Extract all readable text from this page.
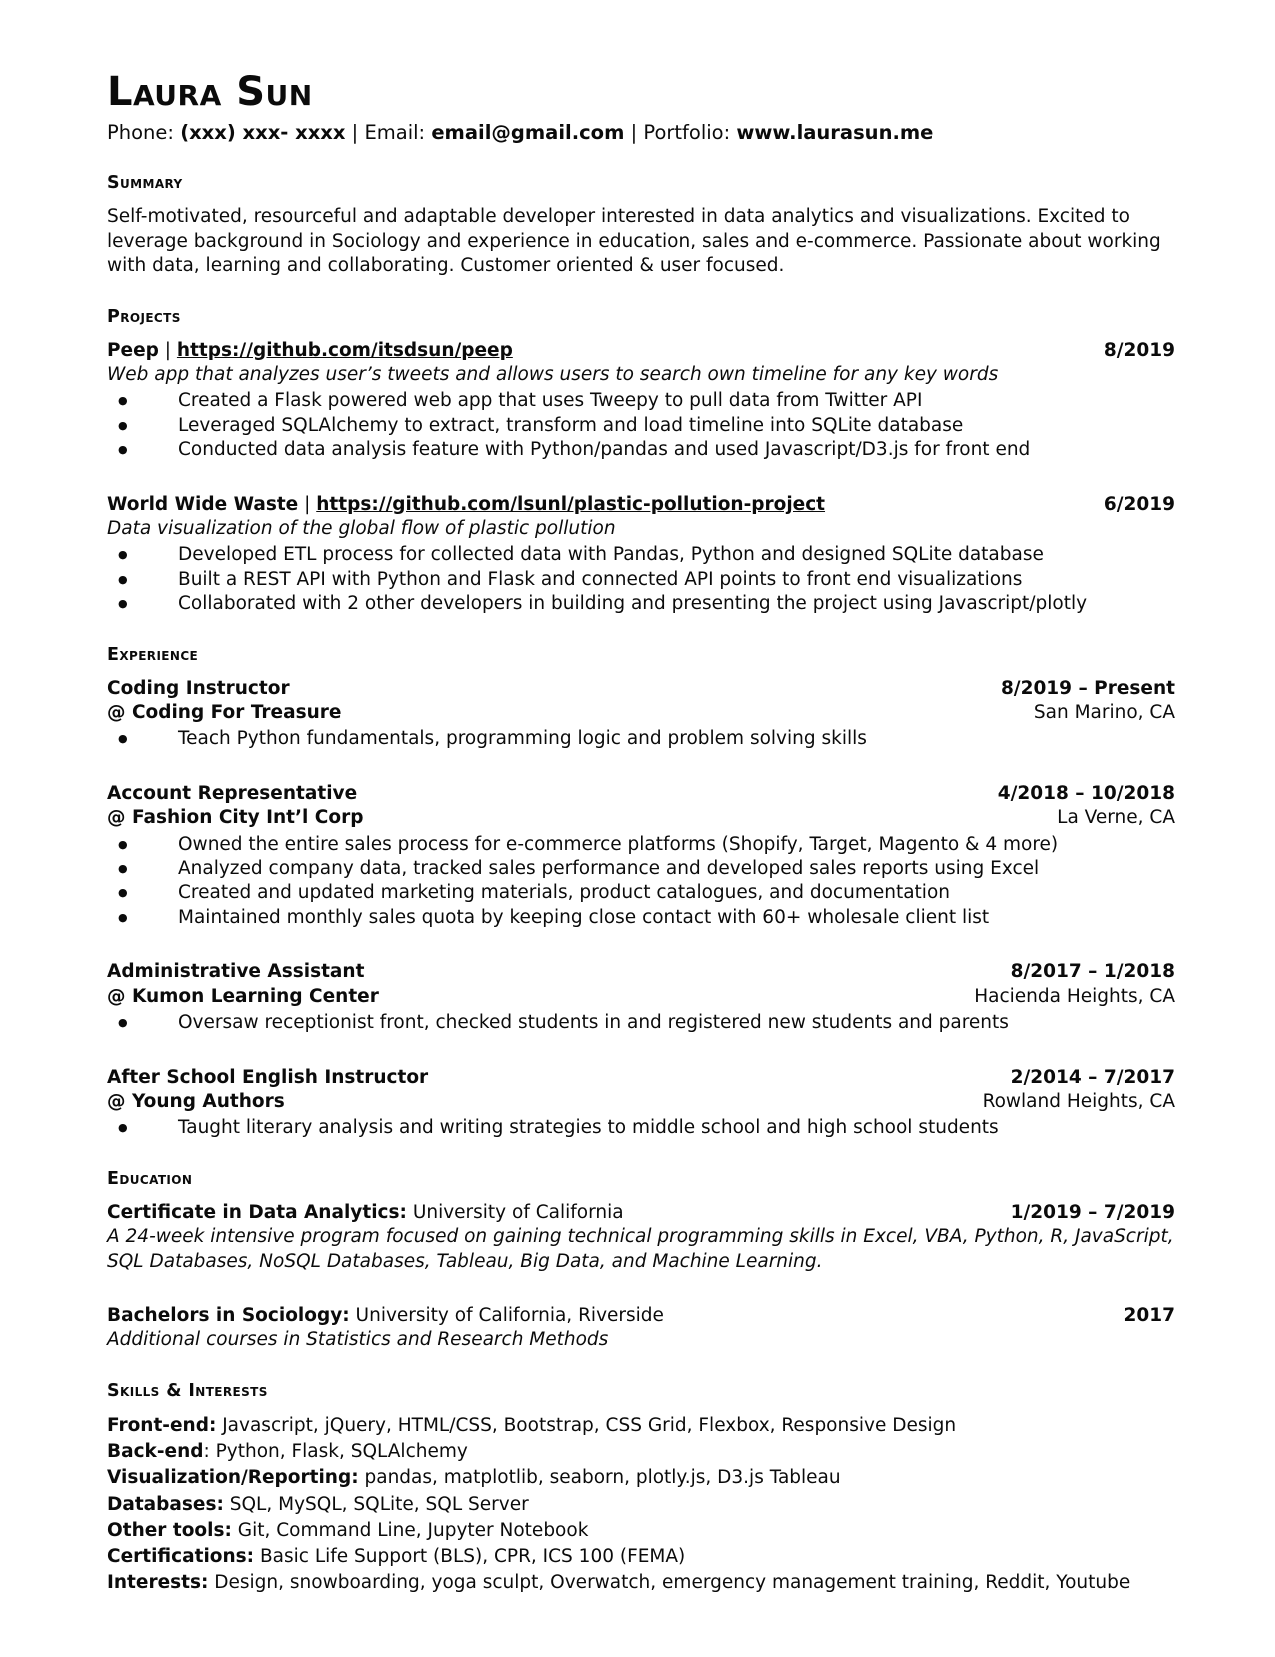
Laura Sun

Phone: (xxx) xxx- xxxx | Email: email@gmail.com | Portfolio: www.laurasun.me

Summary

Self-motivated, resourceful and adaptable developer interested in data analytics and visualizations. Excited to leverage background in Sociology and experience in education, sales and e-commerce. Passionate about working with data, learning and collaborating. Customer oriented & user focused.

Projects
Peep | https://github.com/itsdsun/peep	8/2019

Web app that analyzes user’s tweets and allows users to search own timeline for any key words

● Created a Flask powered web app that uses Tweepy to pull data from Twitter API
● Leveraged SQLAlchemy to extract, transform and load timeline into SQLite database
● Conducted data analysis feature with Python/pandas and used Javascript/D3.js for front end
World Wide Waste | https://github.com/lsunl/plastic-pollution-project	6/2019

Data visualization of the global flow of plastic pollution

● Developed ETL process for collected data with Pandas, Python and designed SQLite database
● Built a REST API with Python and Flask and connected API points to front end visualizations
● Collaborated with 2 other developers in building and presenting the project using Javascript/plotly
Experience
Coding Instructor	8/2019 – Present
@ Coding For Treasure	San Marino, CA
● Teach Python fundamentals, programming logic and problem solving skills
Account Representative	4/2018 – 10/2018
@ Fashion City Int’l Corp	La Verne, CA
● Owned the entire sales process for e-commerce platforms (Shopify, Target, Magento & 4 more)
● Analyzed company data, tracked sales performance and developed sales reports using Excel
● Created and updated marketing materials, product catalogues, and documentation
● Maintained monthly sales quota by keeping close contact with 60+ wholesale client list
Administrative Assistant	8/2017 – 1/2018
@ Kumon Learning Center	Hacienda Heights, CA
● Oversaw receptionist front, checked students in and registered new students and parents
After School English Instructor	2/2014 – 7/2017
@ Young Authors	Rowland Heights, CA
● Taught literary analysis and writing strategies to middle school and high school students
Education
Certificate in Data Analytics: University of California	1/2019 – 7/2019

A 24-week intensive program focused on gaining technical programming skills in Excel, VBA, Python, R, JavaScript, SQL Databases, NoSQL Databases, Tableau, Big Data, and Machine Learning.

Bachelors in Sociology: University of California, Riverside	2017

Additional courses in Statistics and Research Methods

Skills & Interests

Front-end: Javascript, jQuery, HTML/CSS, Bootstrap, CSS Grid, Flexbox, Responsive Design

Back-end: Python, Flask, SQLAlchemy

Visualization/Reporting: pandas, matplotlib, seaborn, plotly.js, D3.js Tableau

Databases: SQL, MySQL, SQLite, SQL Server

Other tools: Git, Command Line, Jupyter Notebook

Certifications: Basic Life Support (BLS), CPR, ICS 100 (FEMA)

Interests: Design, snowboarding, yoga sculpt, Overwatch, emergency management training, Reddit, Youtube
